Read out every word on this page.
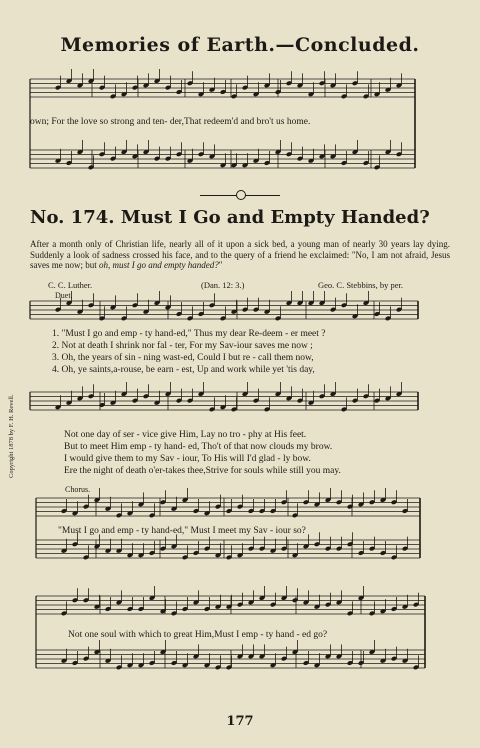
Memories of Earth.—Concluded.
own; For the love so strong and ten- der,That redeem'd and bro't us home.
No. 174. Must I Go and Empty Handed?
After a month only of Christian life, nearly all of it upon a sick bed, a young man of nearly 30 years lay dying. Suddenly a look of sadness crossed his face, and to the query of a friend he exclaimed: "No, I am not afraid, Jesus saves me now; but oh, must I go and empty handed?"
C. C. Luther.	(Dan. 12: 3.)	Geo. C. Stebbins, by per.
Duet.
1. "Must I go and emp - ty hand-ed," Thus my dear Re-deem - er meet ?
2. Not at death I shrink nor fal - ter, For my Sav-iour saves me now ;
3. Oh, the years of sin - ning wast-ed, Could I but re - call them now,
4. Oh, ye saints,a-rouse, be earn - est, Up and work while yet 'tis day,
Not one day of ser - vice give Him, Lay no tro - phy at His feet.
But to meet Him emp - ty hand- ed, Tho't of that now clouds my brow.
I would give them to my Sav - iour, To His will I'd glad - ly bow.
Ere the night of death o'er-takes thee,Strive for souls while still you may.
Chorus.
"Must I go and emp - ty hand-ed," Must I meet my Sav - iour so?
Not one soul with which to great Him,Must I emp - ty hand - ed go?
Copyright 1878 by F. H. Revell.
177
